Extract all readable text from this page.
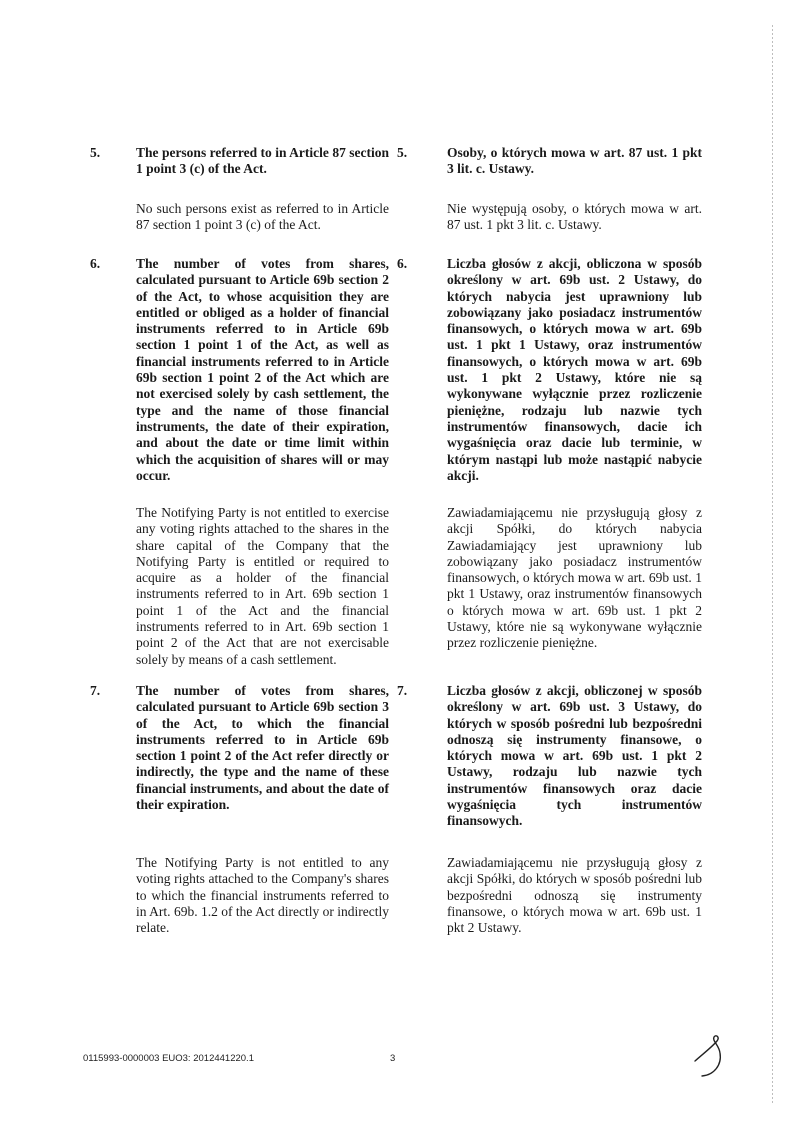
5.	The persons referred to in Article 87 section 1 point 3 (c) of the Act.
5.	Osoby, o których mowa w art. 87 ust. 1 pkt 3 lit. c. Ustawy.
No such persons exist as referred to in Article 87 section 1 point 3 (c) of the Act.
Nie występują osoby, o których mowa w art. 87 ust. 1 pkt 3 lit. c. Ustawy.
6.	The number of votes from shares, calculated pursuant to Article 69b section 2 of the Act, to whose acquisition they are entitled or obliged as a holder of financial instruments referred to in Article 69b section 1 point 1 of the Act, as well as financial instruments referred to in Article 69b section 1 point 2 of the Act which are not exercised solely by cash settlement, the type and the name of those financial instruments, the date of their expiration, and about the date or time limit within which the acquisition of shares will or may occur.
6.	Liczba głosów z akcji, obliczona w sposób określony w art. 69b ust. 2 Ustawy, do których nabycia jest uprawniony lub zobowiązany jako posiadacz instrumentów finansowych, o których mowa w art. 69b ust. 1 pkt 1 Ustawy, oraz instrumentów finansowych, o których mowa w art. 69b ust. 1 pkt 2 Ustawy, które nie są wykonywane wyłącznie przez rozliczenie pieniężne, rodzaju lub nazwie tych instrumentów finansowych, dacie ich wygaśnięcia oraz dacie lub terminie, w którym nastąpi lub może nastąpić nabycie akcji.
The Notifying Party is not entitled to exercise any voting rights attached to the shares in the share capital of the Company that the Notifying Party is entitled or required to acquire as a holder of the financial instruments referred to in Art. 69b section 1 point 1 of the Act and the financial instruments referred to in Art. 69b section 1 point 2 of the Act that are not exercisable solely by means of a cash settlement.
Zawiadamiającemu nie przysługują głosy z akcji Spółki, do których nabycia Zawiadamiający jest uprawniony lub zobowiązany jako posiadacz instrumentów finansowych, o których mowa w art. 69b ust. 1 pkt 1 Ustawy, oraz instrumentów finansowych o których mowa w art. 69b ust. 1 pkt 2 Ustawy, które nie są wykonywane wyłącznie przez rozliczenie pieniężne.
7.	The number of votes from shares, calculated pursuant to Article 69b section 3 of the Act, to which the financial instruments referred to in Article 69b section 1 point 2 of the Act refer directly or indirectly, the type and the name of these financial instruments, and about the date of their expiration.
7.	Liczba głosów z akcji, obliczonej w sposób określony w art. 69b ust. 3 Ustawy, do których w sposób pośredni lub bezpośredni odnoszą się instrumenty finansowe, o których mowa w art. 69b ust. 1 pkt 2 Ustawy, rodzaju lub nazwie tych instrumentów finansowych oraz dacie wygaśnięcia tych instrumentów finansowych.
The Notifying Party is not entitled to any voting rights attached to the Company's shares to which the financial instruments referred to in Art. 69b. 1.2 of the Act directly or indirectly relate.
Zawiadamiającemu nie przysługują głosy z akcji Spółki, do których w sposób pośredni lub bezpośredni odnoszą się instrumenty finansowe, o których mowa w art. 69b ust. 1 pkt 2 Ustawy.
0115993-0000003 EUO3: 2012441220.1	3
